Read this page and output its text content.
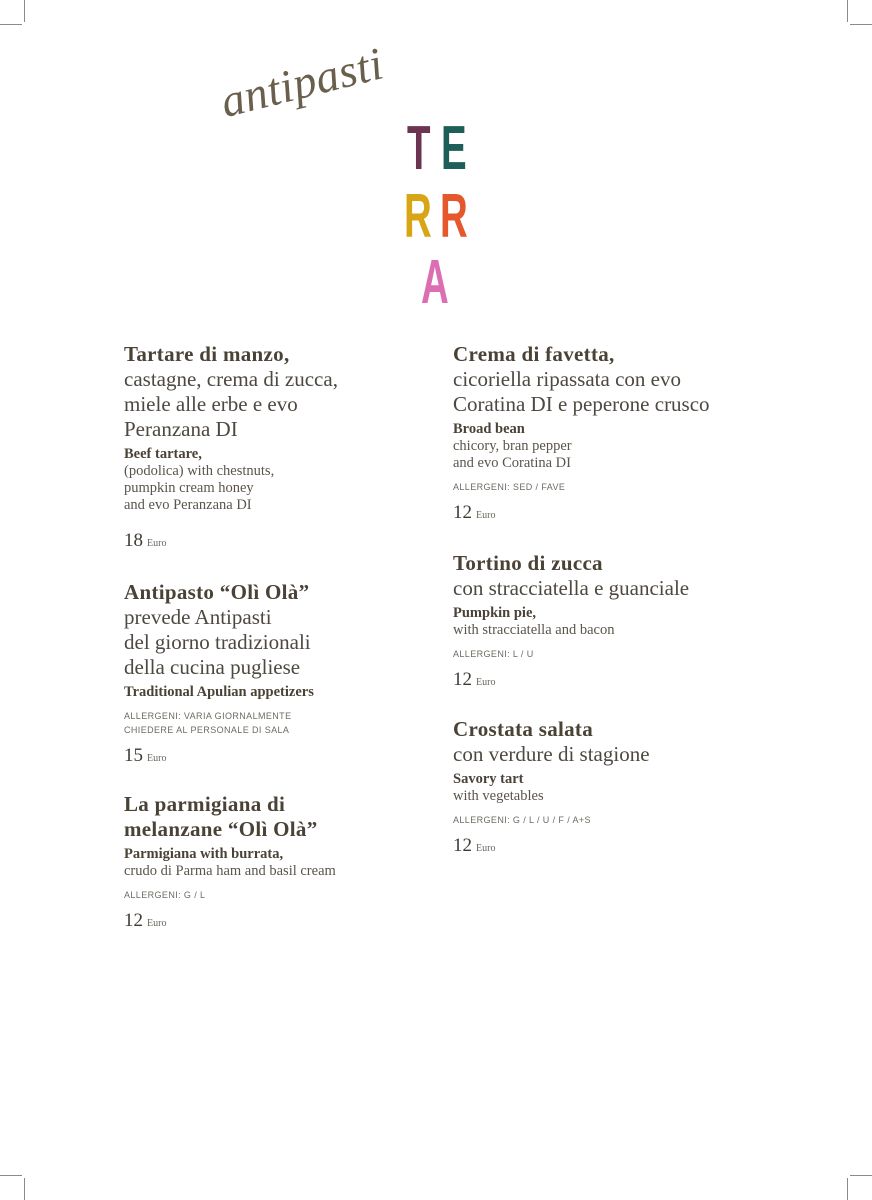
antipasti
T E
R R
A
Tartare di manzo,
castagne, crema di zucca,
miele alle erbe e evo
Peranzana DI
Beef tartare,
(podolica) with chestnuts,
pumpkin cream honey
and evo Peranzana DI
18 Euro
Antipasto “Olì Olà”
prevede Antipasti
del giorno tradizionali
della cucina pugliese
Traditional Apulian appetizers
ALLERGENI: VARIA GIORNALMENTE
CHIEDERE AL PERSONALE DI SALA
15 Euro
La parmigiana di
melanzane “Olì Olà”
Parmigiana with burrata,
crudo di Parma ham and basil cream
ALLERGENI: G / L
12 Euro
Crema di favetta,
cicoriella ripassata con evo
Coratina DI e peperone crusco
Broad bean
chicory, bran pepper
and evo Coratina DI
ALLERGENI: SED / FAVE
12 Euro
Tortino di zucca
con stracciatella e guanciale
Pumpkin pie,
with stracciatella and bacon
ALLERGENI: L / U
12 Euro
Crostata salata
con verdure di stagione
Savory tart
with vegetables
ALLERGENI: G / L / U / F / A+S
12 Euro
